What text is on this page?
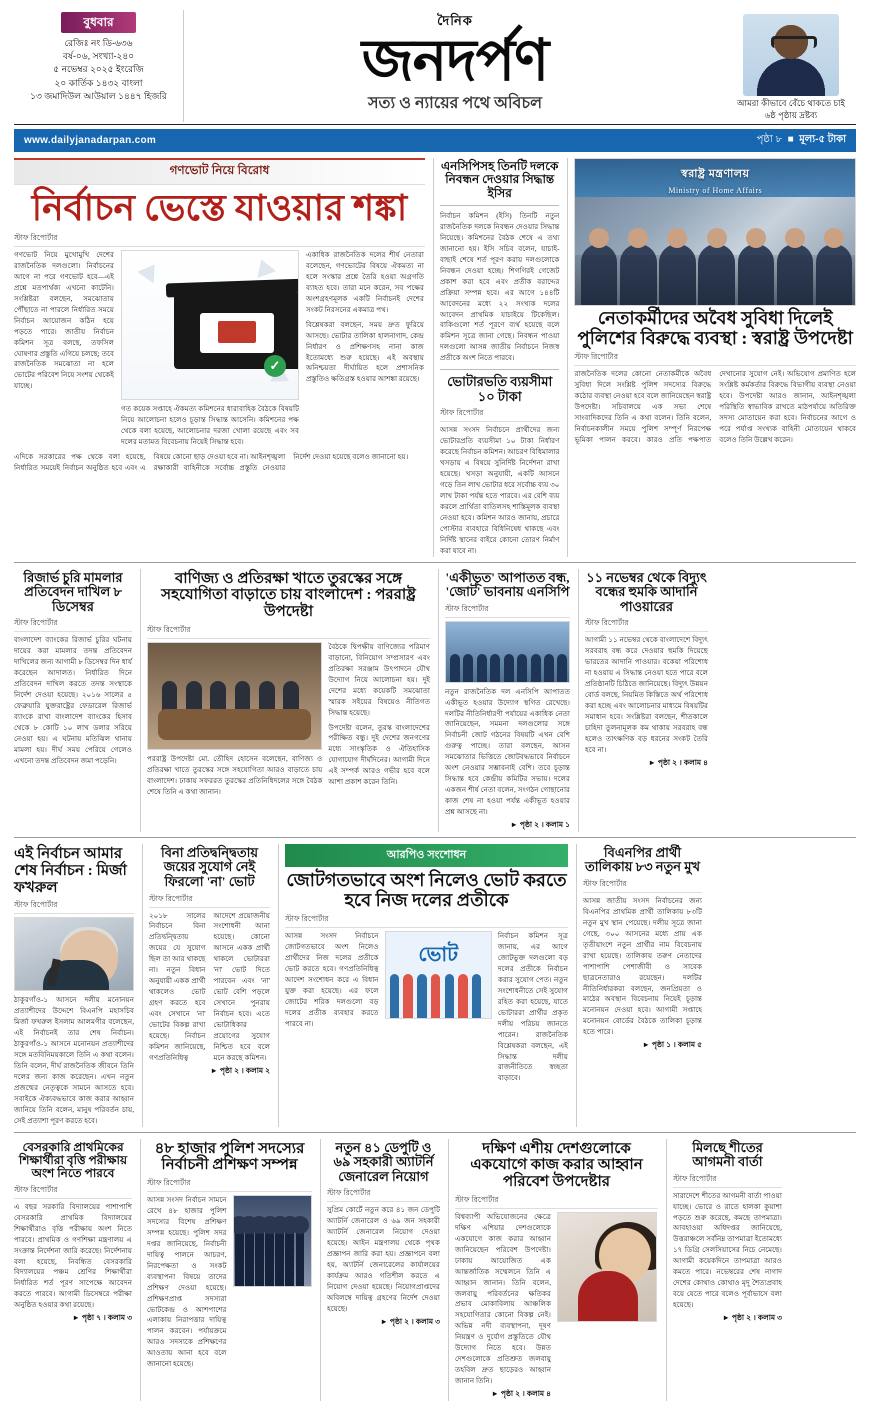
বুধবার
রেজিঃ নং ডি-৬৩৬
বর্ষ-০৬, সংখ্যা-২৪০
৫ নভেম্বর ২০২৫ ইংরেজি
২০ কার্তিক ১৪৩২ বাংলা
১৩ জমাদিউল আউয়াল ১৪৪৭ হিজরি
দৈনিক
জনদর্পণ
সত্য ও ন্যায়ের পথে অবিচল	আমরা কীভাবে বেঁচে থাকতে চাই
৬ষ্ঠ পৃষ্ঠায় দ্রষ্টব্য
www.dailyjanadarpan.com	পৃষ্ঠা ৮  ■  মূল্য-৫ টাকা
গণভোট নিয়ে বিরোধ
নির্বাচন ভেস্তে যাওয়ার শঙ্কা
স্টাফ রিপোর্টার
গণভোট নিয়ে মুখোমুখি দেশের রাজনৈতিক দলগুলো। নির্বাচনের আগে না পরে গণভোট হবে—এই প্রশ্নে মতপার্থক্য এখনো কাটেনি। সংশ্লিষ্টরা বলছেন, সমঝোতায় পৌঁছাতে না পারলে নির্ধারিত সময়ে নির্বাচন আয়োজন কঠিন হয়ে পড়তে পারে। জাতীয় নির্বাচন কমিশন সূত্র বলছে, তফসিল ঘোষণার প্রস্তুতি এগিয়ে চলছে; তবে রাজনৈতিক সমঝোতা না হলে ভোটের পরিবেশ নিয়ে সংশয় থেকেই যাচ্ছে।
✓
গত কয়েক সপ্তাহে ঐকমত্য কমিশনের ধারাবাহিক বৈঠকে বিষয়টি নিয়ে আলোচনা হলেও চূড়ান্ত সিদ্ধান্ত আসেনি। কমিশনের পক্ষ থেকে বলা হয়েছে, আলোচনার দরজা খোলা রয়েছে এবং সব দলের মতামত বিবেচনায় নিয়েই সিদ্ধান্ত হবে।
একাধিক রাজনৈতিক দলের শীর্ষ নেতারা বলেছেন, গণভোটের বিষয়ে ঐকমত্য না হলে সংস্কার প্রশ্নে তৈরি হওয়া অগ্রগতি ব্যাহত হবে। তারা মনে করেন, সব পক্ষের অংশগ্রহণমূলক একটি নির্বাচনই দেশের সংকট নিরসনের একমাত্র পথ।
বিশ্লেষকরা বলছেন, সময় দ্রুত ফুরিয়ে আসছে। ভোটার তালিকা হালনাগাদ, কেন্দ্র নির্ধারণ ও প্রশিক্ষণসহ নানা কাজ ইতোমধ্যে শুরু হয়েছে। এই অবস্থায় অনিশ্চয়তা দীর্ঘায়িত হলে প্রশাসনিক প্রস্তুতিও ক্ষতিগ্রস্ত হওয়ার আশঙ্কা রয়েছে।
এদিকে সরকারের পক্ষ থেকে বলা হয়েছে, নির্ধারিত সময়েই নির্বাচন অনুষ্ঠিত হবে এবং এ বিষয়ে কোনো ছাড় দেওয়া হবে না। আইনশৃঙ্খলা রক্ষাকারী বাহিনীকে সর্বোচ্চ প্রস্তুতি নেওয়ার নির্দেশ দেওয়া হয়েছে বলেও জানানো হয়।
এনসিপিসহ তিনটি দলকে নিবন্ধন দেওয়ার সিদ্ধান্ত ইসির
নির্বাচন কমিশন (ইসি) তিনটি নতুন রাজনৈতিক দলকে নিবন্ধন দেওয়ার সিদ্ধান্ত নিয়েছে। কমিশনের বৈঠক শেষে এ তথ্য জানানো হয়। ইসি সচিব বলেন, যাচাই-বাছাই শেষে শর্ত পূরণ করায় দলগুলোকে নিবন্ধন দেওয়া হচ্ছে। শিগগিরই গেজেট প্রকাশ করা হবে এবং প্রতীক বরাদ্দের প্রক্রিয়া সম্পন্ন হবে। এর আগে ১৪৪টি আবেদনের মধ্যে ২২ সংখ্যক দলের আবেদন প্রাথমিক যাচাইয়ে টিকেছিল। বাকিগুলো শর্ত পূরণে ব্যর্থ হয়েছে বলে কমিশন সূত্রে জানা গেছে। নিবন্ধন পাওয়া দলগুলো আসন্ন জাতীয় নির্বাচনে নিজস্ব প্রতীকে অংশ নিতে পারবে।
ভোটারভতি ব্যয়সীমা ১০ টাকা
স্টাফ রিপোর্টার
আসন্ন সংসদ নির্বাচনে প্রার্থীদের জন্য ভোটারপ্রতি ব্যয়সীমা ১০ টাকা নির্ধারণ করেছে নির্বাচন কমিশন। আচরণ বিধিমালার খসড়ায় এ বিষয়ে সুনির্দিষ্ট নির্দেশনা রাখা হয়েছে। খসড়া অনুযায়ী, একটি আসনে গড়ে তিন লাখ ভোটার ধরে সর্বোচ্চ ব্যয় ৩০ লাখ টাকা পর্যন্ত হতে পারবে। এর বেশি ব্যয় করলে প্রার্থিতা বাতিলসহ শাস্তিমূলক ব্যবস্থা নেওয়া হবে। কমিশন আরও জানায়, প্রচারে পোস্টার ব্যবহারে বিধিনিষেধ থাকছে এবং নির্দিষ্ট স্থানের বাইরে কোনো তোরণ নির্মাণ করা যাবে না।
স্বরাষ্ট্র মন্ত্রণালয়
Ministry of Home Affairs
নেতাকর্মীদের অবৈধ সুবিধা দিলেই পুলিশের বিরুদ্ধে ব্যবস্থা : স্বরাষ্ট্র উপদেষ্টা
স্টাফ রিপোর্টার
রাজনৈতিক দলের কোনো নেতাকর্মীকে অবৈধ সুবিধা দিলে সংশ্লিষ্ট পুলিশ সদস্যের বিরুদ্ধে কঠোর ব্যবস্থা নেওয়া হবে বলে জানিয়েছেন স্বরাষ্ট্র উপদেষ্টা। সচিবালয়ে এক সভা শেষে সাংবাদিকদের তিনি এ কথা বলেন। তিনি বলেন, নির্বাচনকালীন সময়ে পুলিশ সম্পূর্ণ নিরপেক্ষ ভূমিকা পালন করবে। কারও প্রতি পক্ষপাত দেখানোর সুযোগ নেই। অভিযোগ প্রমাণিত হলে সংশ্লিষ্ট কর্মকর্তার বিরুদ্ধে বিভাগীয় ব্যবস্থা নেওয়া হবে। উপদেষ্টা আরও জানান, আইনশৃঙ্খলা পরিস্থিতি স্বাভাবিক রাখতে মাঠপর্যায়ে অতিরিক্ত সদস্য মোতায়েন করা হবে। নির্বাচনের আগে ও পরে পর্যাপ্ত সংখ্যক বাহিনী মোতায়েন থাকবে বলেও তিনি উল্লেখ করেন।
রিজার্ভ চুরি মামলার প্রতিবেদন দাখিল ৮ ডিসেম্বর
স্টাফ রিপোর্টার
বাংলাদেশ ব্যাংকের রিজার্ভ চুরির ঘটনায় দায়ের করা মামলার তদন্ত প্রতিবেদন দাখিলের জন্য আগামী ৮ ডিসেম্বর দিন ধার্য করেছেন আদালত। নির্ধারিত দিনে প্রতিবেদন দাখিল করতে তদন্ত সংস্থাকে নির্দেশ দেওয়া হয়েছে। ২০১৬ সালের ৫ ফেব্রুয়ারি যুক্তরাষ্ট্রের ফেডারেল রিজার্ভ ব্যাংকে রাখা বাংলাদেশ ব্যাংকের হিসাব থেকে ৮ কোটি ১০ লাখ ডলার সরিয়ে নেওয়া হয়। এ ঘটনায় মতিঝিল থানায় মামলা হয়। দীর্ঘ সময় পেরিয়ে গেলেও এখনো তদন্ত প্রতিবেদন জমা পড়েনি।
বাণিজ্য ও প্রতিরক্ষা খাতে তুরস্কের সঙ্গে সহযোগিতা বাড়াতে চায় বাংলাদেশ : পররাষ্ট্র উপদেষ্টা
স্টাফ রিপোর্টার
পররাষ্ট্র উপদেষ্টা মো. তৌহিদ হোসেন বলেছেন, বাণিজ্য ও প্রতিরক্ষা খাতে তুরস্কের সঙ্গে সহযোগিতা আরও বাড়াতে চায় বাংলাদেশ। ঢাকায় সফররত তুরস্কের প্রতিনিধিদলের সঙ্গে বৈঠক শেষে তিনি এ কথা জানান।
বৈঠকে দ্বিপক্ষীয় বাণিজ্যের পরিমাণ বাড়ানো, বিনিয়োগ সম্প্রসারণ এবং প্রতিরক্ষা সরঞ্জাম উৎপাদনে যৌথ উদ্যোগ নিয়ে আলোচনা হয়। দুই দেশের মধ্যে কয়েকটি সমঝোতা স্মারক সইয়ের বিষয়েও নীতিগত সিদ্ধান্ত হয়েছে।
উপদেষ্টা বলেন, তুরস্ক বাংলাদেশের পরীক্ষিত বন্ধু। দুই দেশের জনগণের মধ্যে সাংস্কৃতিক ও ঐতিহাসিক যোগাযোগ দীর্ঘদিনের। আগামী দিনে এই সম্পর্ক আরও গভীর হবে বলে আশা প্রকাশ করেন তিনি।
'একীভূত' আপাতত বন্ধ, 'জোট' ভাবনায় এনসিপি
স্টাফ রিপোর্টার
নতুন রাজনৈতিক দল এনসিপি আপাতত একীভূত হওয়ার উদ্যোগ স্থগিত রেখেছে। দলটির নীতিনির্ধারণী পর্যায়ের একাধিক নেতা জানিয়েছেন, সমমনা দলগুলোর সঙ্গে নির্বাচনী জোট গঠনের বিষয়টি এখন বেশি গুরুত্ব পাচ্ছে। তারা বলছেন, আসন সমঝোতার ভিত্তিতে জোটবদ্ধভাবে নির্বাচনে অংশ নেওয়ার সম্ভাবনাই বেশি। তবে চূড়ান্ত সিদ্ধান্ত হবে কেন্দ্রীয় কমিটির সভায়। দলের একজন শীর্ষ নেতা বলেন, সংগঠন গোছানোর কাজ শেষ না হওয়া পর্যন্ত একীভূত হওয়ার প্রশ্ন আসছে না।
► পৃষ্ঠা ২ । কলাম ১
১১ নভেম্বর থেকে বিদ্যুৎ বন্ধের হুমকি আদানি পাওয়ারের
স্টাফ রিপোর্টার
আগামী ১১ নভেম্বর থেকে বাংলাদেশে বিদ্যুৎ সরবরাহ বন্ধ করে দেওয়ার হুমকি দিয়েছে ভারতের আদানি পাওয়ার। বকেয়া পরিশোধ না হওয়ায় এ সিদ্ধান্ত নেওয়া হতে পারে বলে প্রতিষ্ঠানটি চিঠিতে জানিয়েছে। বিদ্যুৎ উন্নয়ন বোর্ড বলছে, নিয়মিত কিস্তিতে অর্থ পরিশোধ করা হচ্ছে এবং আলোচনার মাধ্যমে বিষয়টির সমাধান হবে। সংশ্লিষ্টরা বলছেন, শীতকালে চাহিদা তুলনামূলক কম থাকায় সরবরাহ বন্ধ হলেও তাৎক্ষণিক বড় ধরনের সংকট তৈরি হবে না।
► পৃষ্ঠা ২ । কলাম ৪
এই নির্বাচন আমার শেষ নির্বাচন : মির্জা ফখরুল
স্টাফ রিপোর্টার
ঠাকুরগাঁও-১ আসনে দলীয় মনোনয়ন প্রত্যাশীদের উদ্দেশে বিএনপি মহাসচিব মির্জা ফখরুল ইসলাম আলমগীর বলেছেন, এই নির্বাচনই তার শেষ নির্বাচন। ঠাকুরগাঁও-১ আসনে মনোনয়ন প্রত্যাশীদের সঙ্গে মতবিনিময়কালে তিনি এ কথা বলেন। তিনি বলেন, দীর্ঘ রাজনৈতিক জীবনে তিনি দলের জন্য কাজ করেছেন। এখন নতুন প্রজন্মের নেতৃত্বকে সামনে আসতে হবে। সবাইকে ঐক্যবদ্ধভাবে কাজ করার আহ্বান জানিয়ে তিনি বলেন, মানুষ পরিবর্তন চায়, সেই প্রত্যাশা পূরণ করতে হবে।
বিনা প্রতিদ্বন্দ্বিতায় জয়ের সুযোগ নেই ফিরলো 'না' ভোট
স্টাফ রিপোর্টার
২০১৮ সালের নির্বাচনে বিনা প্রতিদ্বন্দ্বিতায় জয়ের যে সুযোগ ছিল তা আর থাকছে না। নতুন বিধান অনুযায়ী একক প্রার্থী থাকলেও ভোট গ্রহণ করতে হবে এবং সেখানে 'না' ভোটের বিকল্প রাখা হয়েছে। নির্বাচন কমিশন জানিয়েছে, গণপ্রতিনিধিত্ব আদেশে প্রয়োজনীয় সংশোধনী আনা হয়েছে। কোনো আসনে একক প্রার্থী থাকলে ভোটাররা 'না' ভোট দিতে পারবেন এবং 'না' ভোট বেশি পড়লে সেখানে পুনরায় নির্বাচন হবে। এতে ভোটাধিকার প্রয়োগের সুযোগ নিশ্চিত হবে বলে মনে করছে কমিশন।
► পৃষ্ঠা ২ । কলাম ২
আরপিও সংশোধন
জোটগতভাবে অংশ নিলেও ভোট করতে হবে নিজ দলের প্রতীকে
স্টাফ রিপোর্টার
আসন্ন সংসদ নির্বাচনে জোটগতভাবে অংশ নিলেও প্রার্থীদের নিজ দলের প্রতীকে ভোট করতে হবে। গণপ্রতিনিধিত্ব আদেশ সংশোধন করে এ বিধান যুক্ত করা হয়েছে। এর ফলে জোটের শরিক দলগুলো বড় দলের প্রতীক ব্যবহার করতে পারবে না।
ভোট
নির্বাচন কমিশন সূত্র জানায়, এর আগে জোটভুক্ত দলগুলো বড় দলের প্রতীকে নির্বাচন করার সুযোগ পেত। নতুন সংশোধনীতে সেই সুযোগ রহিত করা হয়েছে, যাতে ভোটাররা প্রার্থীর প্রকৃত দলীয় পরিচয় জানতে পারেন। রাজনৈতিক বিশ্লেষকরা বলছেন, এই সিদ্ধান্ত দলীয় রাজনীতিতে স্বচ্ছতা বাড়াবে।
বিএনপির প্রার্থী তালিকায় ৮৩ নতুন মুখ
স্টাফ রিপোর্টার
আসন্ন জাতীয় সংসদ নির্বাচনের জন্য বিএনপির প্রাথমিক প্রার্থী তালিকায় ৮৩টি নতুন মুখ স্থান পেয়েছে। দলীয় সূত্রে জানা গেছে, ৩০০ আসনের মধ্যে প্রায় এক তৃতীয়াংশে নতুন প্রার্থীর নাম বিবেচনায় রাখা হয়েছে। তালিকায় তরুণ নেতাদের পাশাপাশি পেশাজীবী ও সাবেক ছাত্রনেতারাও রয়েছেন। দলটির নীতিনির্ধারকরা বলছেন, জনপ্রিয়তা ও মাঠের অবস্থান বিবেচনায় নিয়েই চূড়ান্ত মনোনয়ন দেওয়া হবে। আগামী সপ্তাহে মনোনয়ন বোর্ডের বৈঠকে তালিকা চূড়ান্ত হতে পারে।
► পৃষ্ঠা ১ । কলাম ৫
বেসরকারি প্রাথমিকের শিক্ষার্থীরা বৃত্তি পরীক্ষায় অংশ নিতে পারবে
স্টাফ রিপোর্টার
এ বছর সরকারি বিদ্যালয়ের পাশাপাশি বেসরকারি প্রাথমিক বিদ্যালয়ের শিক্ষার্থীরাও বৃত্তি পরীক্ষায় অংশ নিতে পারবে। প্রাথমিক ও গণশিক্ষা মন্ত্রণালয় এ সংক্রান্ত নির্দেশনা জারি করেছে। নির্দেশনায় বলা হয়েছে, নিবন্ধিত বেসরকারি বিদ্যালয়ের পঞ্চম শ্রেণির শিক্ষার্থীরা নির্ধারিত শর্ত পূরণ সাপেক্ষে আবেদন করতে পারবে। আগামী ডিসেম্বরে পরীক্ষা অনুষ্ঠিত হওয়ার কথা রয়েছে।
► পৃষ্ঠা ৭ । কলাম ৩
৪৮ হাজার পুলিশ সদস্যের নির্বাচনী প্রশিক্ষণ সম্পন্ন
স্টাফ রিপোর্টার
আসন্ন সংসদ নির্বাচন সামনে রেখে ৪৮ হাজার পুলিশ সদস্যের বিশেষ প্রশিক্ষণ সম্পন্ন হয়েছে। পুলিশ সদর দপ্তর জানিয়েছে, নির্বাচনী দায়িত্ব পালনে আচরণ, নিরপেক্ষতা ও সংকট ব্যবস্থাপনা বিষয়ে তাদের প্রশিক্ষণ দেওয়া হয়েছে। প্রশিক্ষণপ্রাপ্ত সদস্যরা ভোটকেন্দ্র ও আশপাশের এলাকায় নিরাপত্তার দায়িত্ব পালন করবেন। পর্যায়ক্রমে আরও সদস্যকে প্রশিক্ষণের আওতায় আনা হবে বলে জানানো হয়েছে।
নতুন ৪১ ডেপুটি ও ৬৯ সহকারী অ্যাটর্নি জেনারেল নিয়োগ
স্টাফ রিপোর্টার
সুপ্রিম কোর্টে নতুন করে ৪১ জন ডেপুটি অ্যাটর্নি জেনারেল ও ৬৯ জন সহকারী অ্যাটর্নি জেনারেল নিয়োগ দেওয়া হয়েছে। আইন মন্ত্রণালয় থেকে পৃথক প্রজ্ঞাপন জারি করা হয়। প্রজ্ঞাপনে বলা হয়, অ্যাটর্নি জেনারেলের কার্যালয়ের কার্যক্রম আরও গতিশীল করতে এ নিয়োগ দেওয়া হয়েছে। নিয়োগপ্রাপ্তদের অবিলম্বে দায়িত্ব গ্রহণের নির্দেশ দেওয়া হয়েছে।
► পৃষ্ঠা ২ । কলাম ৩
দক্ষিণ এশীয় দেশগুলোকে একযোগে কাজ করার আহ্বান পরিবেশ উপদেষ্টার
স্টাফ রিপোর্টার
বিশ্বব্যাপী অভিযোজনের ক্ষেত্রে দক্ষিণ এশিয়ার দেশগুলোকে একযোগে কাজ করার আহ্বান জানিয়েছেন পরিবেশ উপদেষ্টা। ঢাকায় আয়োজিত এক আন্তর্জাতিক সম্মেলনে তিনি এ আহ্বান জানান। তিনি বলেন, জলবায়ু পরিবর্তনের ক্ষতিকর প্রভাব মোকাবিলায় আঞ্চলিক সহযোগিতার কোনো বিকল্প নেই। অভিন্ন নদী ব্যবস্থাপনা, দূষণ নিয়ন্ত্রণ ও দুর্যোগ প্রস্তুতিতে যৌথ উদ্যোগ নিতে হবে। উন্নত দেশগুলোকে প্রতিশ্রুত জলবায়ু তহবিল দ্রুত ছাড়েরও আহ্বান জানান তিনি।
► পৃষ্ঠা ২ । কলাম ৪
মিলছে শীতের আগমনী বার্তা
স্টাফ রিপোর্টার
সারাদেশে শীতের আগমনী বার্তা পাওয়া যাচ্ছে। ভোরে ও রাতে হালকা কুয়াশা পড়তে শুরু করেছে, কমছে তাপমাত্রা। আবহাওয়া অধিদপ্তর জানিয়েছে, উত্তরাঞ্চলে সর্বনিম্ন তাপমাত্রা ইতোমধ্যে ১৭ ডিগ্রি সেলসিয়াসের নিচে নেমেছে। আগামী কয়েকদিনে তাপমাত্রা আরও কমতে পারে। নভেম্বরের শেষ নাগাদ দেশের কোথাও কোথাও মৃদু শৈত্যপ্রবাহ বয়ে যেতে পারে বলেও পূর্বাভাসে বলা হয়েছে।
► পৃষ্ঠা ২ । কলাম ৩
